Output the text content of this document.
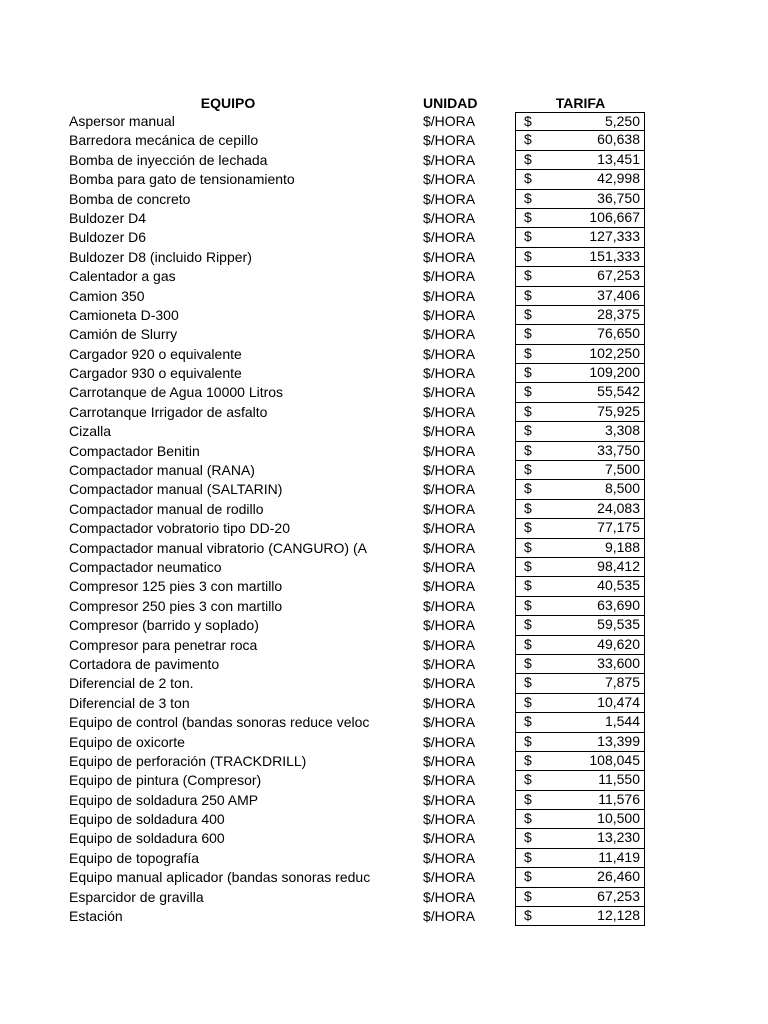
EQUIPO	UNIDAD	TARIFA
Aspersor manual	$/HORA	$	5,250
Barredora mecánica de cepillo	$/HORA	$	60,638
Bomba de inyección de lechada	$/HORA	$	13,451
Bomba para gato de tensionamiento	$/HORA	$	42,998
Bomba de concreto	$/HORA	$	36,750
Buldozer D4	$/HORA	$	106,667
Buldozer D6	$/HORA	$	127,333
Buldozer D8 (incluido Ripper)	$/HORA	$	151,333
Calentador a gas	$/HORA	$	67,253
Camion 350	$/HORA	$	37,406
Camioneta D-300	$/HORA	$	28,375
Camión de Slurry	$/HORA	$	76,650
Cargador 920 o equivalente	$/HORA	$	102,250
Cargador 930 o equivalente	$/HORA	$	109,200
Carrotanque de Agua 10000 Litros	$/HORA	$	55,542
Carrotanque Irrigador de asfalto	$/HORA	$	75,925
Cizalla	$/HORA	$	3,308
Compactador Benitin	$/HORA	$	33,750
Compactador manual (RANA)	$/HORA	$	7,500
Compactador manual (SALTARIN)	$/HORA	$	8,500
Compactador manual de rodillo	$/HORA	$	24,083
Compactador vobratorio tipo DD-20	$/HORA	$	77,175
Compactador manual vibratorio (CANGURO) (A	$/HORA	$	9,188
Compactador neumatico	$/HORA	$	98,412
Compresor 125 pies 3 con martillo	$/HORA	$	40,535
Compresor 250 pies 3 con martillo	$/HORA	$	63,690
Compresor (barrido y soplado)	$/HORA	$	59,535
Compresor para penetrar roca	$/HORA	$	49,620
Cortadora de pavimento	$/HORA	$	33,600
Diferencial de 2 ton.	$/HORA	$	7,875
Diferencial de 3 ton	$/HORA	$	10,474
Equipo de control (bandas sonoras reduce veloc	$/HORA	$	1,544
Equipo de oxicorte	$/HORA	$	13,399
Equipo de perforación (TRACKDRILL)	$/HORA	$	108,045
Equipo de pintura (Compresor)	$/HORA	$	11,550
Equipo de soldadura 250 AMP	$/HORA	$	11,576
Equipo de soldadura 400	$/HORA	$	10,500
Equipo de soldadura 600	$/HORA	$	13,230
Equipo de topografía	$/HORA	$	11,419
Equipo manual aplicador (bandas sonoras reduc	$/HORA	$	26,460
Esparcidor de gravilla	$/HORA	$	67,253
Estación	$/HORA	$	12,128
